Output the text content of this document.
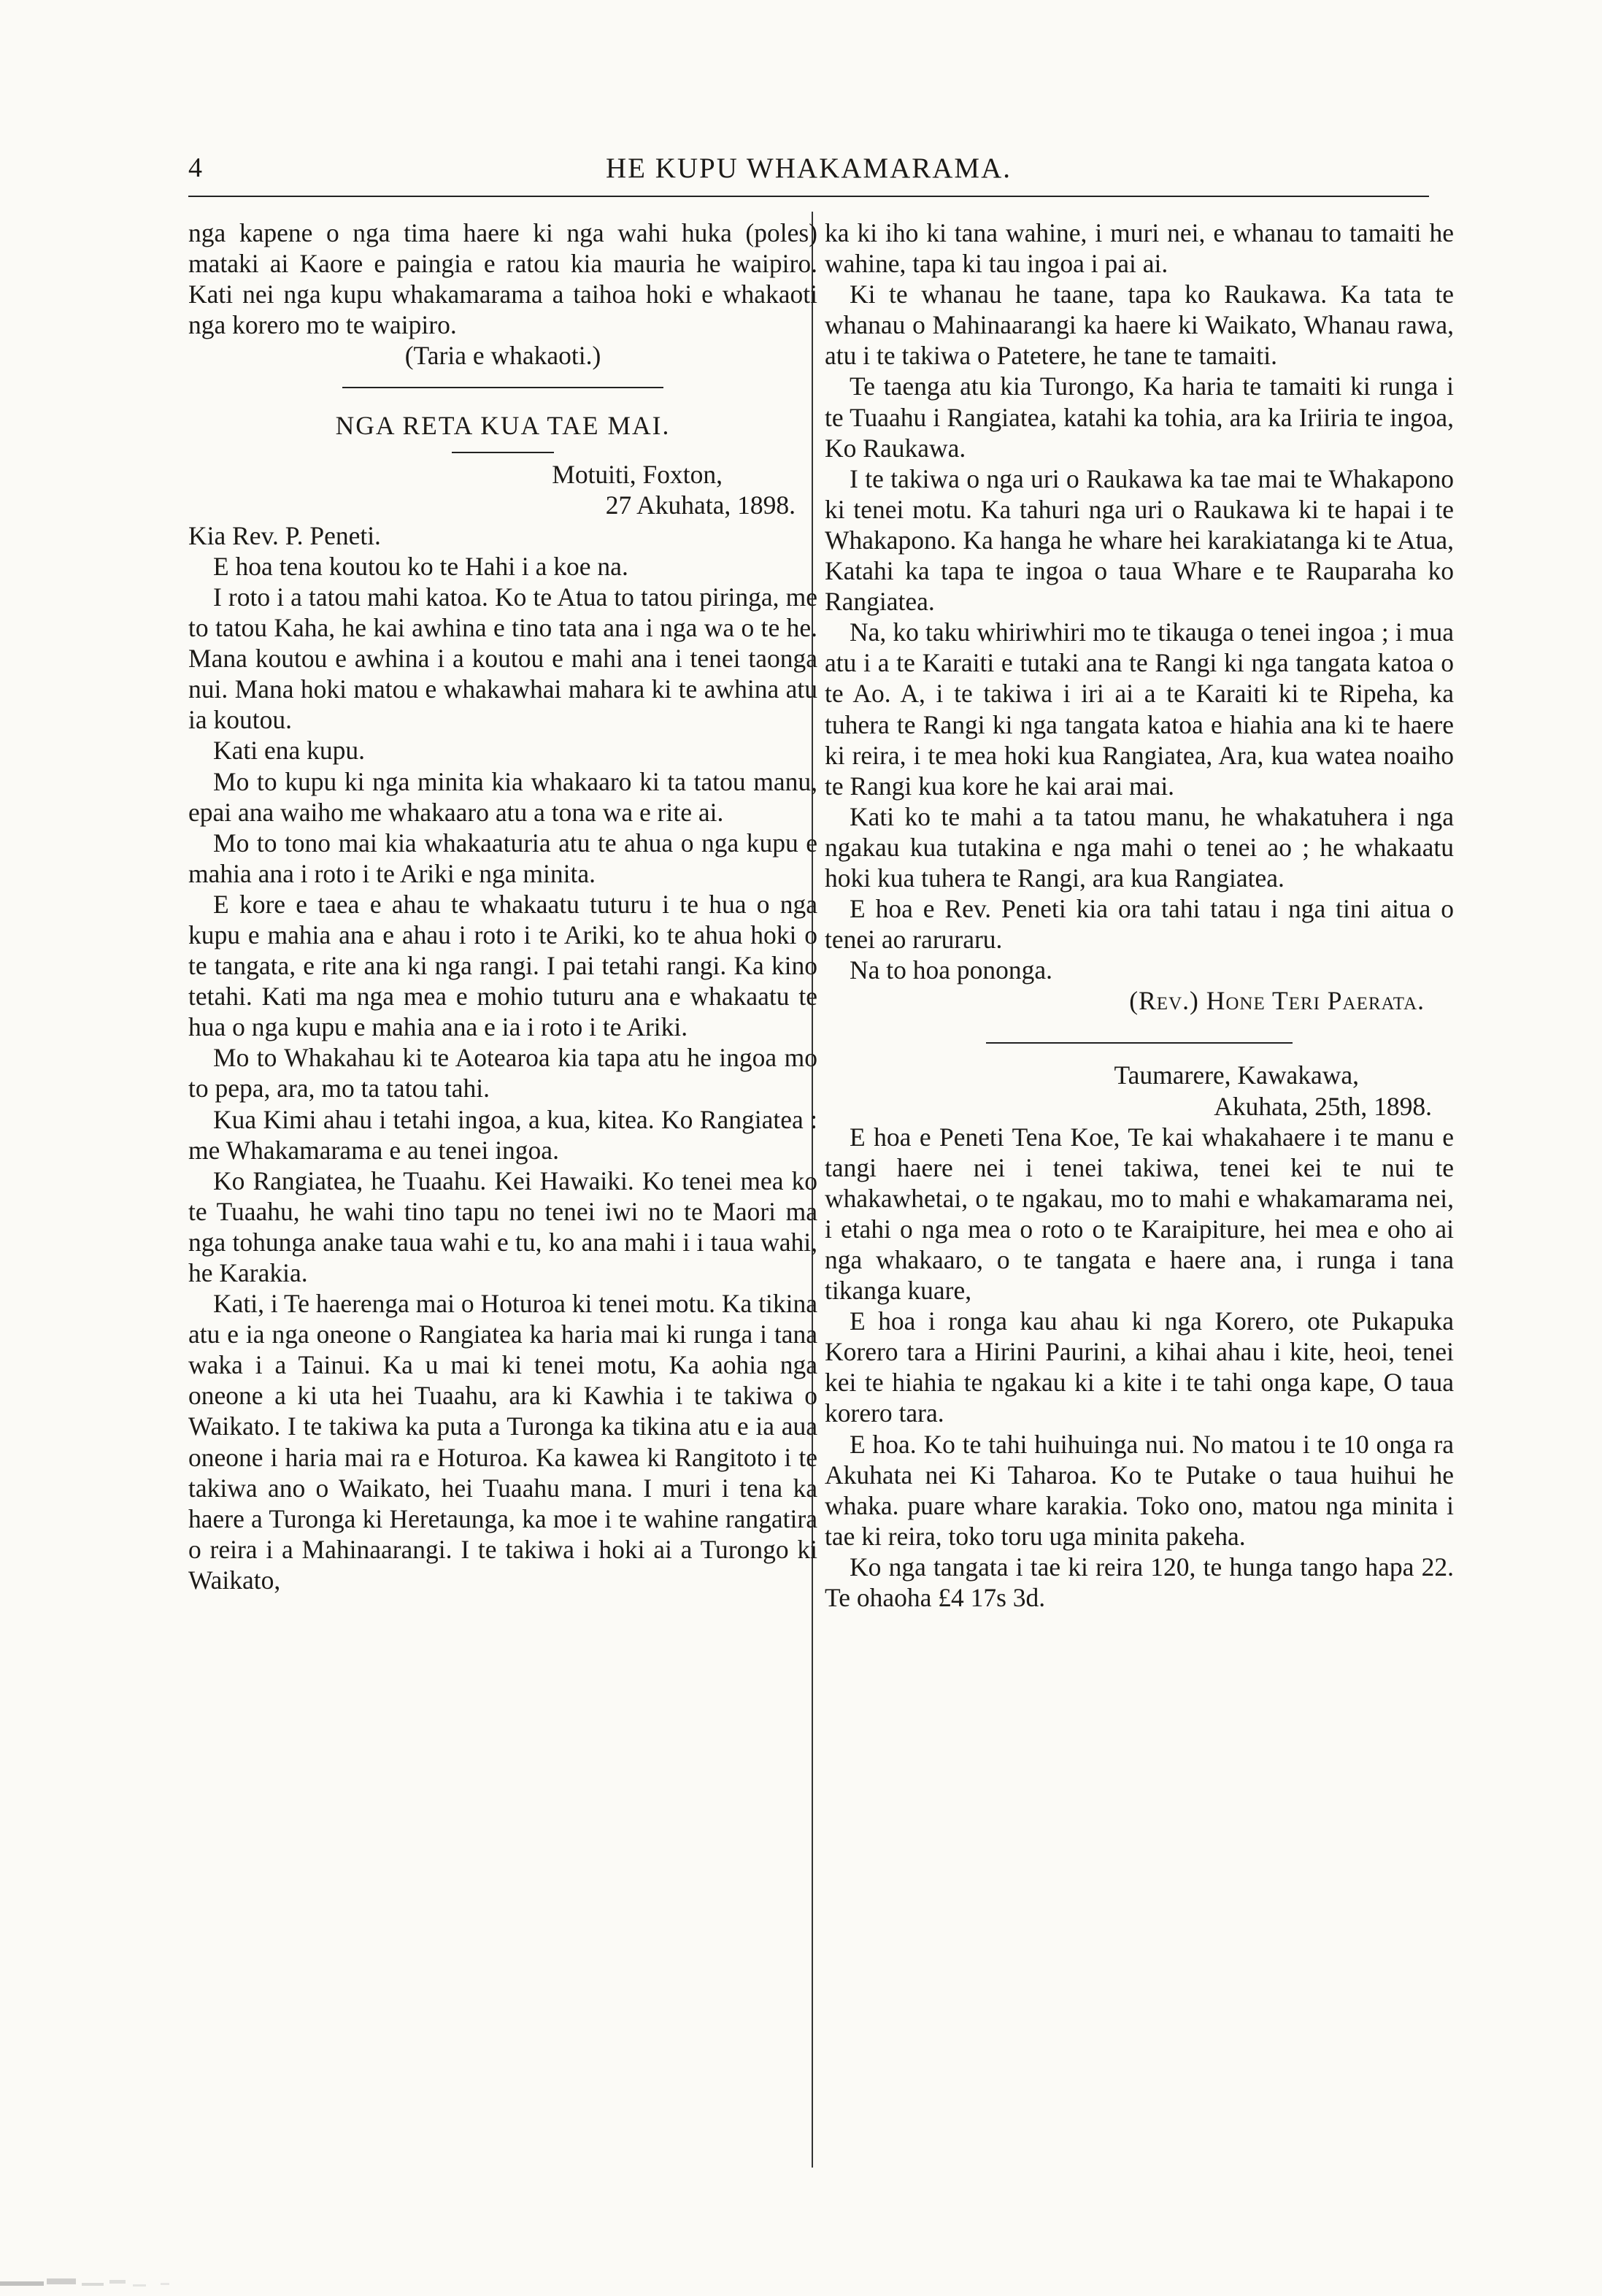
4	HE KUPU WHAKAMARAMA.

nga kapene o nga tima haere ki nga wahi huka (poles) mataki ai Kaore e paingia e ratou kia mauria he waipiro. Kati nei nga kupu whakamarama a taihoa hoki e whakaoti nga korero mo te waipiro.

(Taria e whakaoti.)

NGA RETA KUA TAE MAI.

Motuiti, Foxton,

27 Akuhata, 1898.

Kia Rev. P. Peneti.

E hoa tena koutou ko te Hahi i a koe na.

I roto i a tatou mahi katoa. Ko te Atua to tatou piringa, me to tatou Kaha, he kai awhina e tino tata ana i nga wa o te he. Mana koutou e awhina i a koutou e mahi ana i tenei taonga nui. Mana hoki matou e whakawhai mahara ki te awhina atu ia koutou.

Kati ena kupu.

Mo to kupu ki nga minita kia whakaaro ki ta tatou manu, epai ana waiho me whakaaro atu a tona wa e rite ai.

Mo to tono mai kia whakaaturia atu te ahua o nga kupu e mahia ana i roto i te Ariki e nga minita.

E kore e taea e ahau te whakaatu tuturu i te hua o nga kupu e mahia ana e ahau i roto i te Ariki, ko te ahua hoki o te tangata, e rite ana ki nga rangi. I pai tetahi rangi. Ka kino tetahi. Kati ma nga mea e mohio tuturu ana e whakaatu te hua o nga kupu e mahia ana e ia i roto i te Ariki.

Mo to Whakahau ki te Aotearoa kia tapa atu he ingoa mo to pepa, ara, mo ta tatou tahi.

Kua Kimi ahau i tetahi ingoa, a kua, kitea. Ko Rangiatea : me Whakamarama e au tenei ingoa.

Ko Rangiatea, he Tuaahu. Kei Hawaiki. Ko tenei mea ko te Tuaahu, he wahi tino tapu no tenei iwi no te Maori ma nga tohunga anake taua wahi e tu, ko ana mahi i i taua wahi, he Karakia.

Kati, i Te haerenga mai o Hoturoa ki tenei motu. Ka tikina atu e ia nga oneone o Rangiatea ka haria mai ki runga i tana waka i a Tainui. Ka u mai ki tenei motu, Ka aohia nga oneone a ki uta hei Tuaahu, ara ki Kawhia i te takiwa o Waikato. I te takiwa ka puta a Turonga ka tikina atu e ia aua oneone i haria mai ra e Hoturoa. Ka kawea ki Rangitoto i te takiwa ano o Waikato, hei Tuaahu mana. I muri i tena ka haere a Turonga ki Heretaunga, ka moe i te wahine rangatira o reira i a Mahinaarangi. I te takiwa i hoki ai a Turongo ki Waikato,

ka ki iho ki tana wahine, i muri nei, e whanau to tamaiti he wahine, tapa ki tau ingoa i pai ai.

Ki te whanau he taane, tapa ko Raukawa. Ka tata te whanau o Mahinaarangi ka haere ki Waikato, Whanau rawa, atu i te takiwa o Patetere, he tane te tamaiti.

Te taenga atu kia Turongo, Ka haria te tamaiti ki runga i te Tuaahu i Rangiatea, katahi ka tohia, ara ka Iriiria te ingoa, Ko Raukawa.

I te takiwa o nga uri o Raukawa ka tae mai te Whakapono ki tenei motu. Ka tahuri nga uri o Raukawa ki te hapai i te Whakapono. Ka hanga he whare hei karakiatanga ki te Atua, Katahi ka tapa te ingoa o taua Whare e te Rauparaha ko Rangiatea.

Na, ko taku whiriwhiri mo te tikauga o tenei ingoa ; i mua atu i a te Karaiti e tutaki ana te Rangi ki nga tangata katoa o te Ao. A, i te takiwa i iri ai a te Karaiti ki te Ripeha, ka tuhera te Rangi ki nga tangata katoa e hiahia ana ki te haere ki reira, i te mea hoki kua Rangiatea, Ara, kua watea noaiho te Rangi kua kore he kai arai mai.

Kati ko te mahi a ta tatou manu, he whakatuhera i nga ngakau kua tutakina e nga mahi o tenei ao ; he whakaatu hoki kua tuhera te Rangi, ara kua Rangiatea.

E hoa e Rev. Peneti kia ora tahi tatau i nga tini aitua o tenei ao raruraru.

Na to hoa pononga.

(Rev.) Hone Teri Paerata.

Taumarere, Kawakawa,

Akuhata, 25th, 1898.

E hoa e Peneti Tena Koe, Te kai whakahaere i te manu e tangi haere nei i tenei takiwa, tenei kei te nui te whakawhetai, o te ngakau, mo to mahi e whakamarama nei, i etahi o nga mea o roto o te Karaipiture, hei mea e oho ai nga whakaaro, o te tangata e haere ana, i runga i tana tikanga kuare,

E hoa i ronga kau ahau ki nga Korero, ote Pukapuka Korero tara a Hirini Paurini, a kihai ahau i kite, heoi, tenei kei te hiahia te ngakau ki a kite i te tahi onga kape, O taua korero tara.

E hoa. Ko te tahi huihuinga nui. No matou i te 10 onga ra Akuhata nei Ki Taharoa. Ko te Putake o taua huihui he whaka. puare whare karakia. Toko ono, matou nga minita i tae ki reira, toko toru uga minita pakeha.

Ko nga tangata i tae ki reira 120, te hunga tango hapa 22. Te ohaoha £4 17s 3d.
